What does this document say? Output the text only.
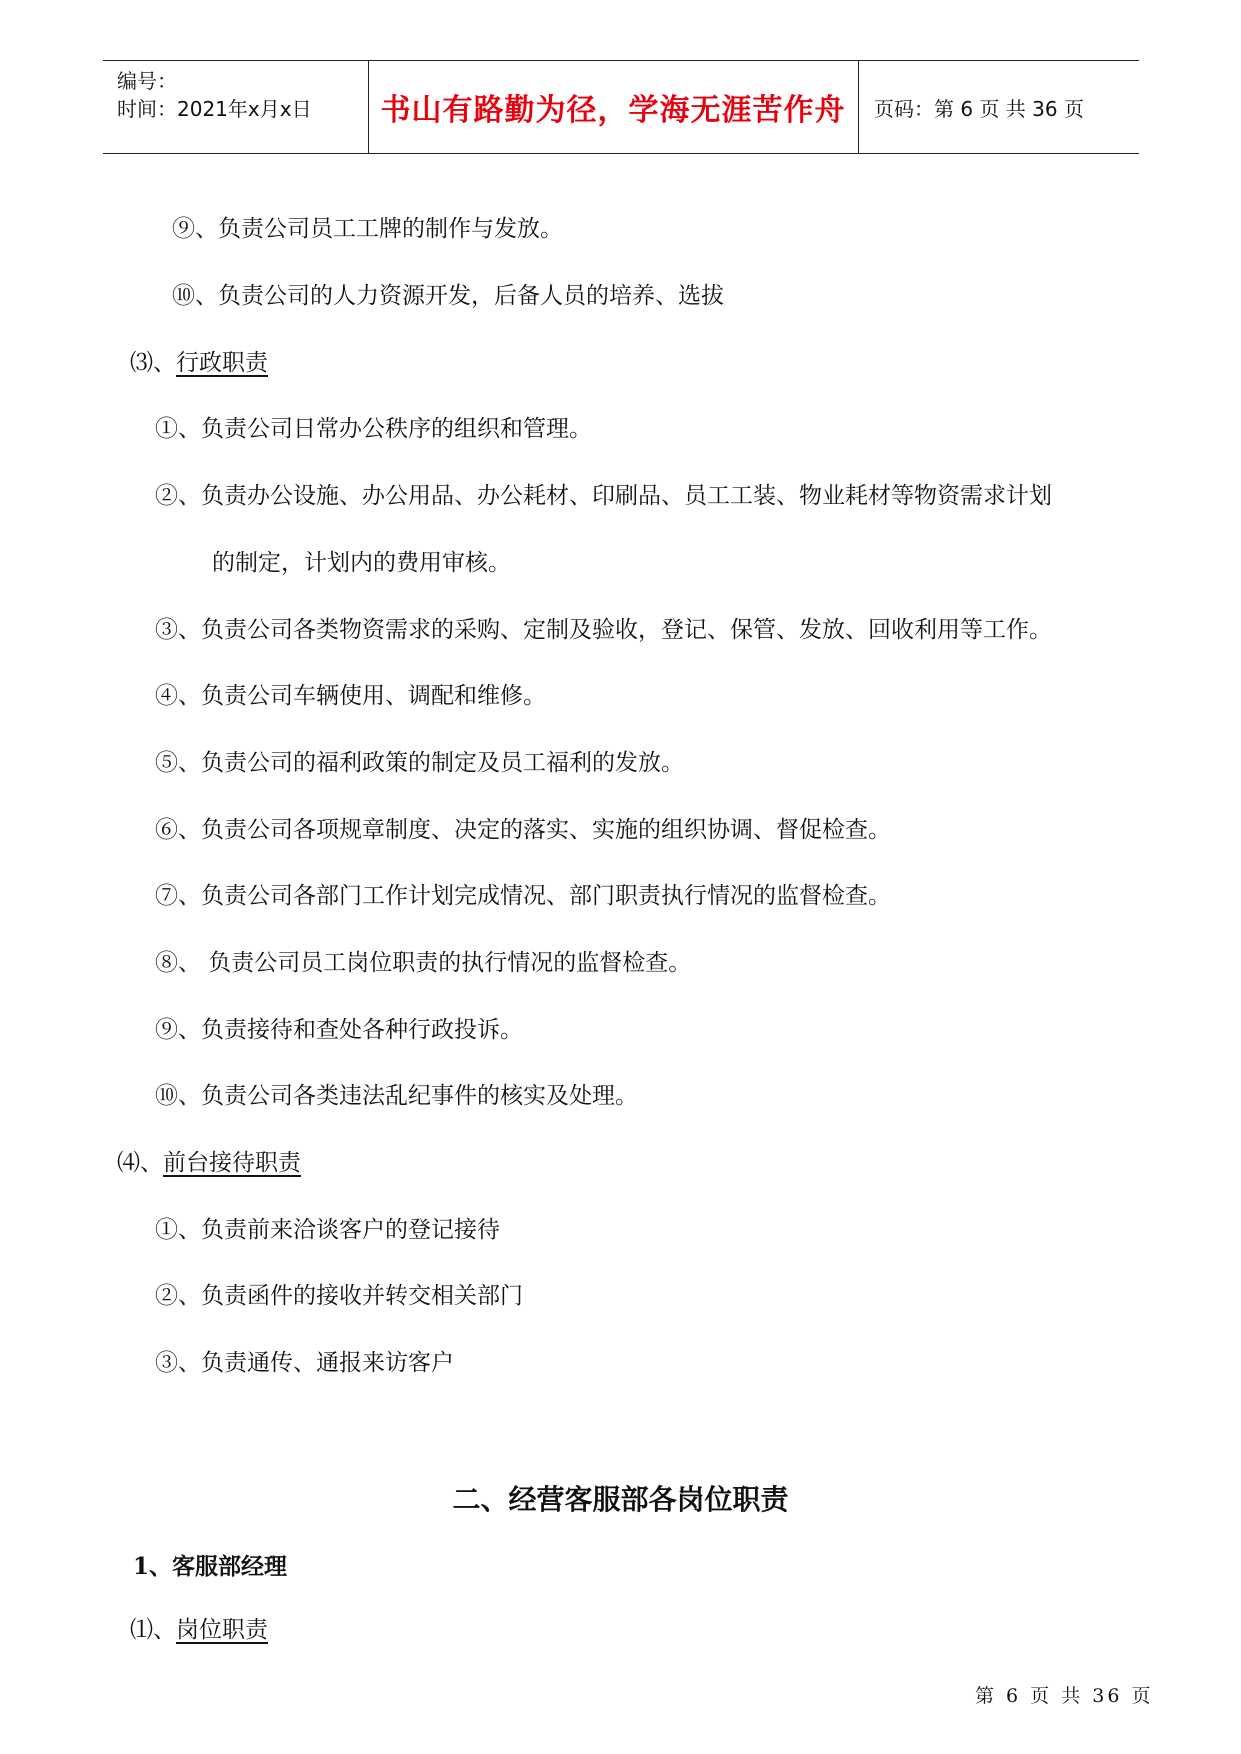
编号：
时间：2021年x月x日	书山有路勤为径，学海无涯苦作舟	页码：第 6 页 共 36 页
⑨、负责公司员工工牌的制作与发放。
⑩、负责公司的人力资源开发，后备人员的培养、选拔
⑶、行政职责
①、负责公司日常办公秩序的组织和管理。
②、负责办公设施、办公用品、办公耗材、印刷品、员工工装、物业耗材等物资需求计划
的制定，计划内的费用审核。
③、负责公司各类物资需求的采购、定制及验收，登记、保管、发放、回收利用等工作。
④、负责公司车辆使用、调配和维修。
⑤、负责公司的福利政策的制定及员工福利的发放。
⑥、负责公司各项规章制度、决定的落实、实施的组织协调、督促检查。
⑦、负责公司各部门工作计划完成情况、部门职责执行情况的监督检查。
⑧、 负责公司员工岗位职责的执行情况的监督检查。
⑨、负责接待和查处各种行政投诉。
⑩、负责公司各类违法乱纪事件的核实及处理。
⑷、前台接待职责
①、负责前来洽谈客户的登记接待
②、负责函件的接收并转交相关部门
③、负责通传、通报来访客户
二、经营客服部各岗位职责
1、客服部经理
⑴、岗位职责
第 6 页 共 36 页
